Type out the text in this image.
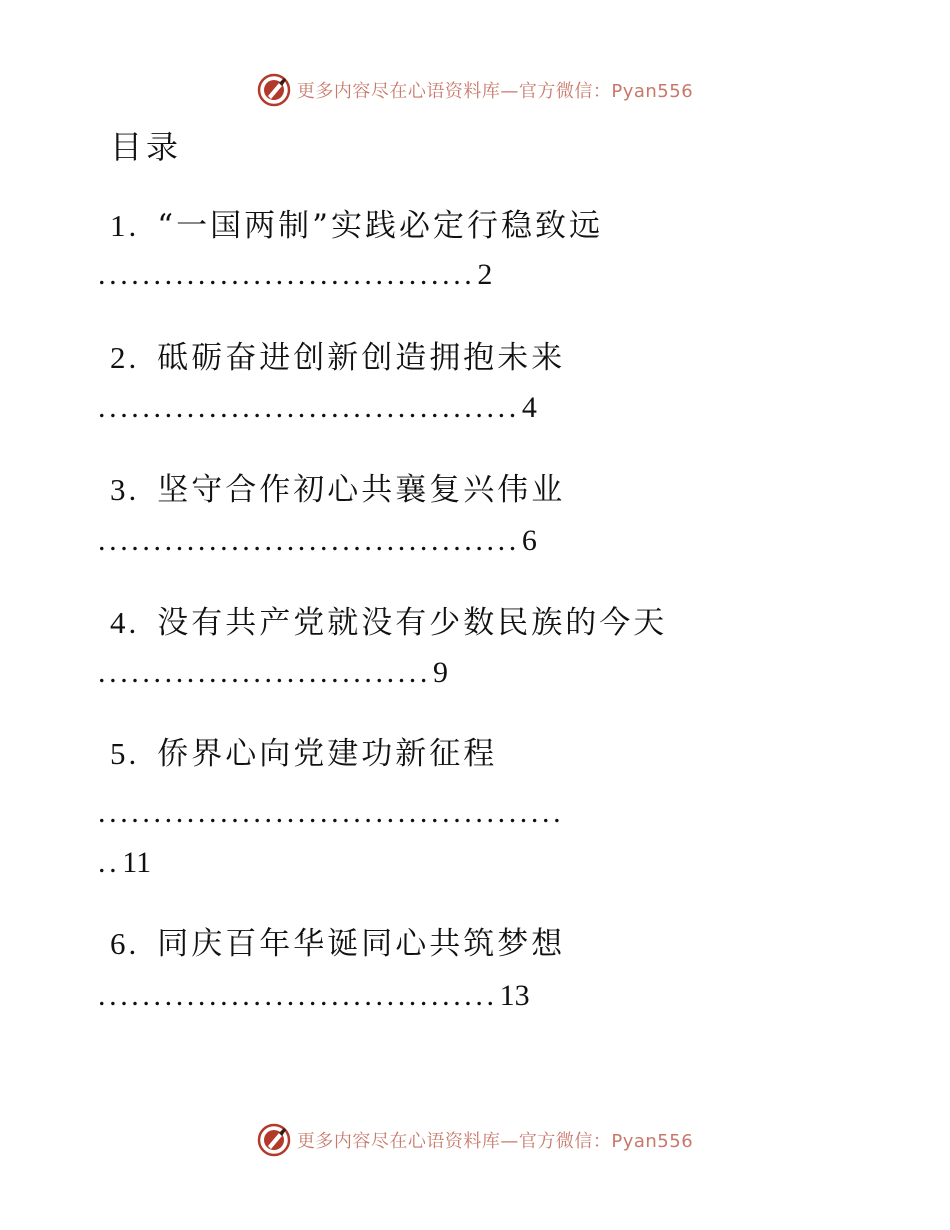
更多内容尽在心语资料库—官方微信：Pyan556
目录
1. “一国两制”实践必定行稳致远
..................................2
2. 砥砺奋进创新创造拥抱未来
......................................4
3. 坚守合作初心共襄复兴伟业
......................................6
4. 没有共产党就没有少数民族的今天
..............................9
5. 侨界心向党建功新征程
..........................................
..11
6. 同庆百年华诞同心共筑梦想
....................................13
更多内容尽在心语资料库—官方微信：Pyan556
